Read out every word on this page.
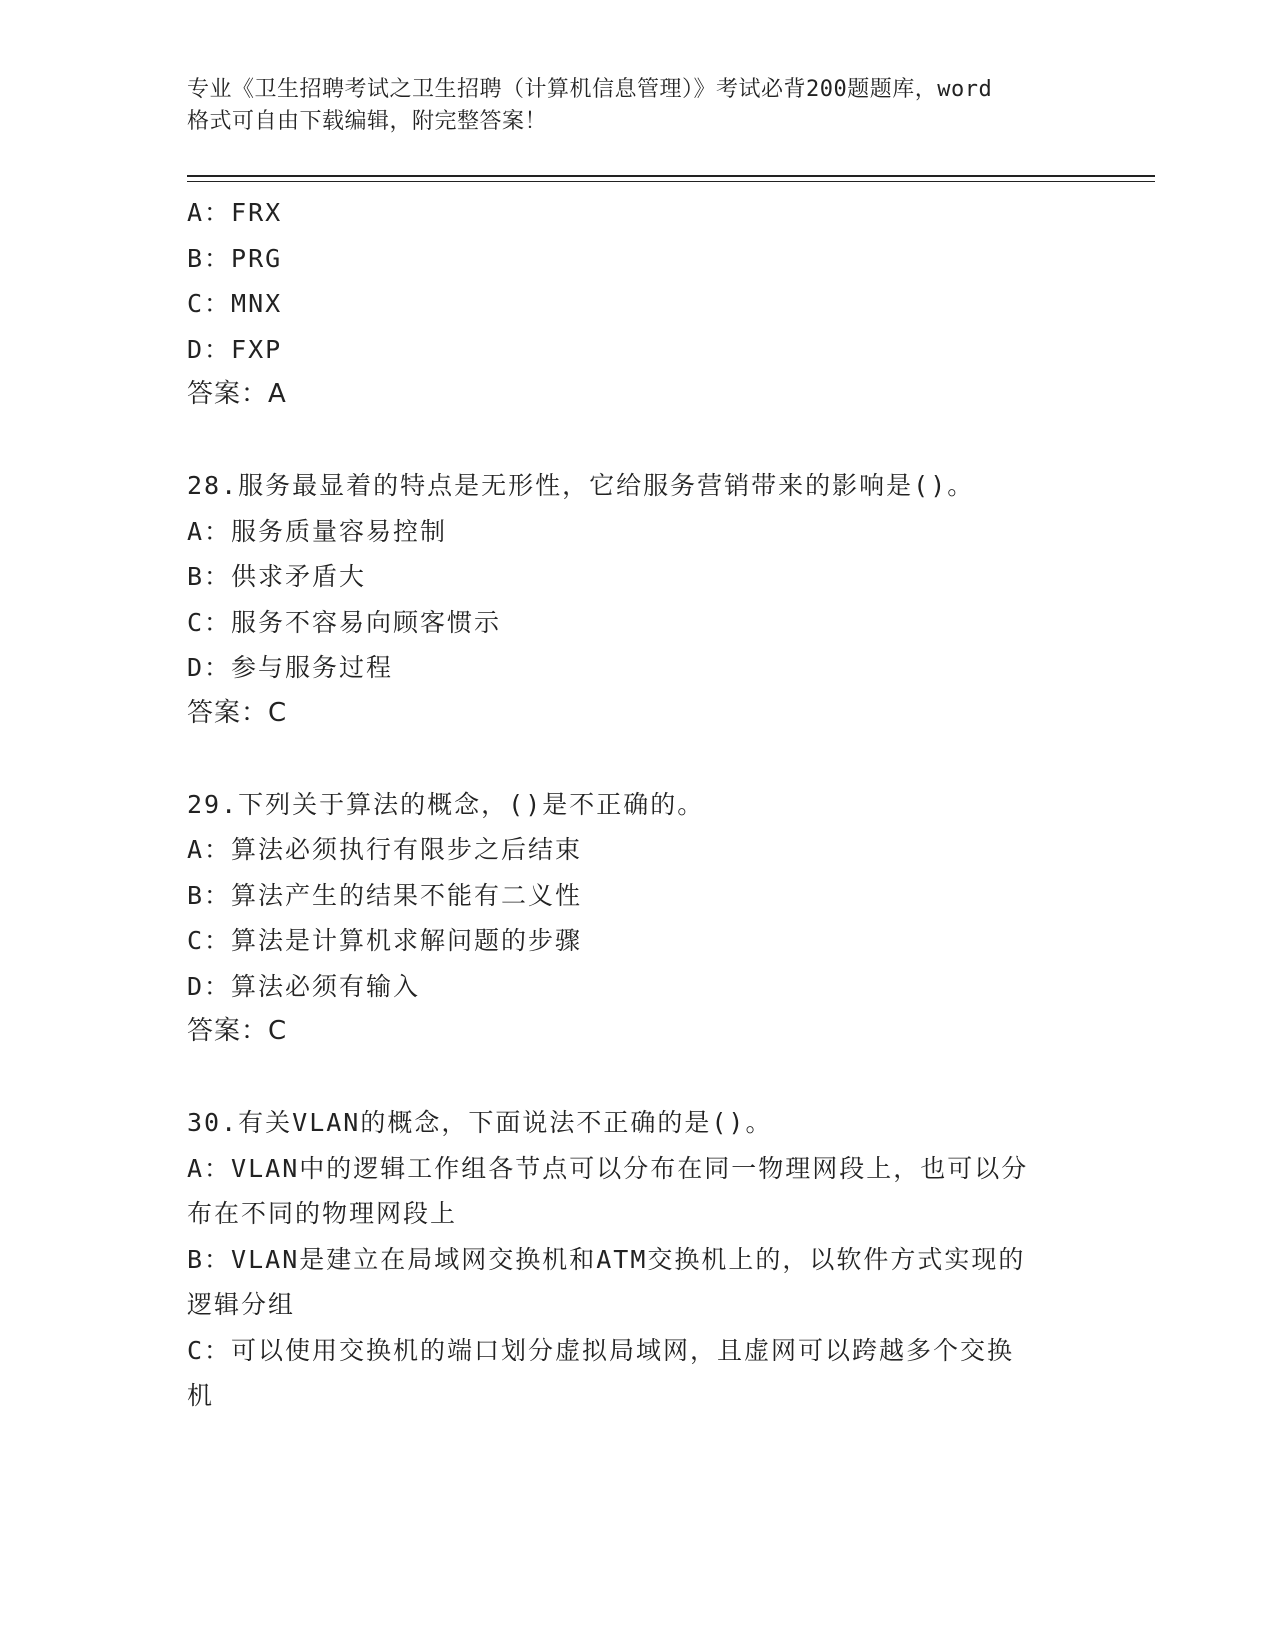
专业《卫生招聘考试之卫生招聘（计算机信息管理）》考试必背200题题库，word
格式可自由下载编辑，附完整答案！
A：FRX
B：PRG
C：MNX
D：FXP
答案：A
28.服务最显着的特点是无形性，它给服务营销带来的影响是()。
A：服务质量容易控制
B：供求矛盾大
C：服务不容易向顾客惯示
D：参与服务过程
答案：C
29.下列关于算法的概念，()是不正确的。
A：算法必须执行有限步之后结束
B：算法产生的结果不能有二义性
C：算法是计算机求解问题的步骤
D：算法必须有输入
答案：C
30.有关VLAN的概念，下面说法不正确的是()。
A：VLAN中的逻辑工作组各节点可以分布在同一物理网段上，也可以分
布在不同的物理网段上
B：VLAN是建立在局域网交换机和ATM交换机上的，以软件方式实现的
逻辑分组
C：可以使用交换机的端口划分虚拟局域网，且虚网可以跨越多个交换
机
